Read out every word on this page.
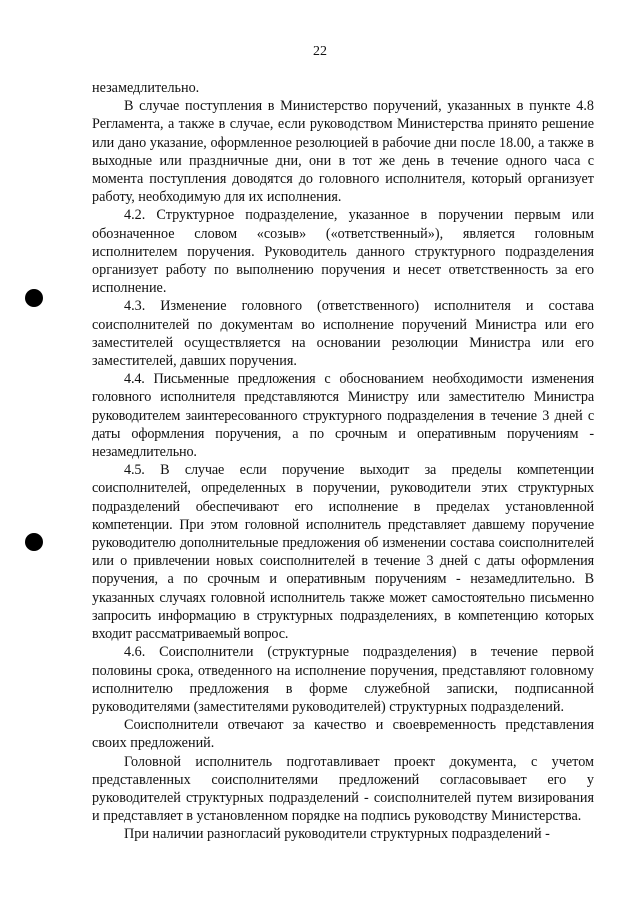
22

незамедлительно.

В случае поступления в Министерство поручений, указанных в пункте 4.8 Регламента, а также в случае, если руководством Министерства принято решение или дано указание, оформленное резолюцией в рабочие дни после 18.00, а также в выходные или праздничные дни, они в тот же день в течение одного часа с момента поступления доводятся до головного исполнителя, который организует работу, необходимую для их исполнения.

4.2. Структурное подразделение, указанное в поручении первым или обозначенное словом «созыв» («ответственный»), является головным исполнителем поручения. Руководитель данного структурного подразделения организует работу по выполнению поручения и несет ответственность за его исполнение.

4.3. Изменение головного (ответственного) исполнителя и состава соисполнителей по документам во исполнение поручений Министра или его заместителей осуществляется на основании резолюции Министра или его заместителей, давших поручения.

4.4. Письменные предложения с обоснованием необходимости изменения головного исполнителя представляются Министру или заместителю Министра руководителем заинтересованного структурного подразделения в течение 3 дней с даты оформления поручения, а по срочным и оперативным поручениям - незамедлительно.

4.5. В случае если поручение выходит за пределы компетенции соисполнителей, определенных в поручении, руководители этих структурных подразделений обеспечивают его исполнение в пределах установленной компетенции. При этом головной исполнитель представляет давшему поручение руководителю дополнительные предложения об изменении состава соисполнителей или о привлечении новых соисполнителей в течение 3 дней с даты оформления поручения, а по срочным и оперативным поручениям - незамедлительно. В указанных случаях головной исполнитель также может самостоятельно письменно запросить информацию в структурных подразделениях, в компетенцию которых входит рассматриваемый вопрос.

4.6. Соисполнители (структурные подразделения) в течение первой половины срока, отведенного на исполнение поручения, представляют головному исполнителю предложения в форме служебной записки, подписанной руководителями (заместителями руководителей) структурных подразделений.

Соисполнители отвечают за качество и своевременность представления своих предложений.

Головной исполнитель подготавливает проект документа, с учетом представленных соисполнителями предложений согласовывает его у руководителей структурных подразделений - соисполнителей путем визирования и представляет в установленном порядке на подпись руководству Министерства.

При наличии разногласий руководители структурных подразделений -
